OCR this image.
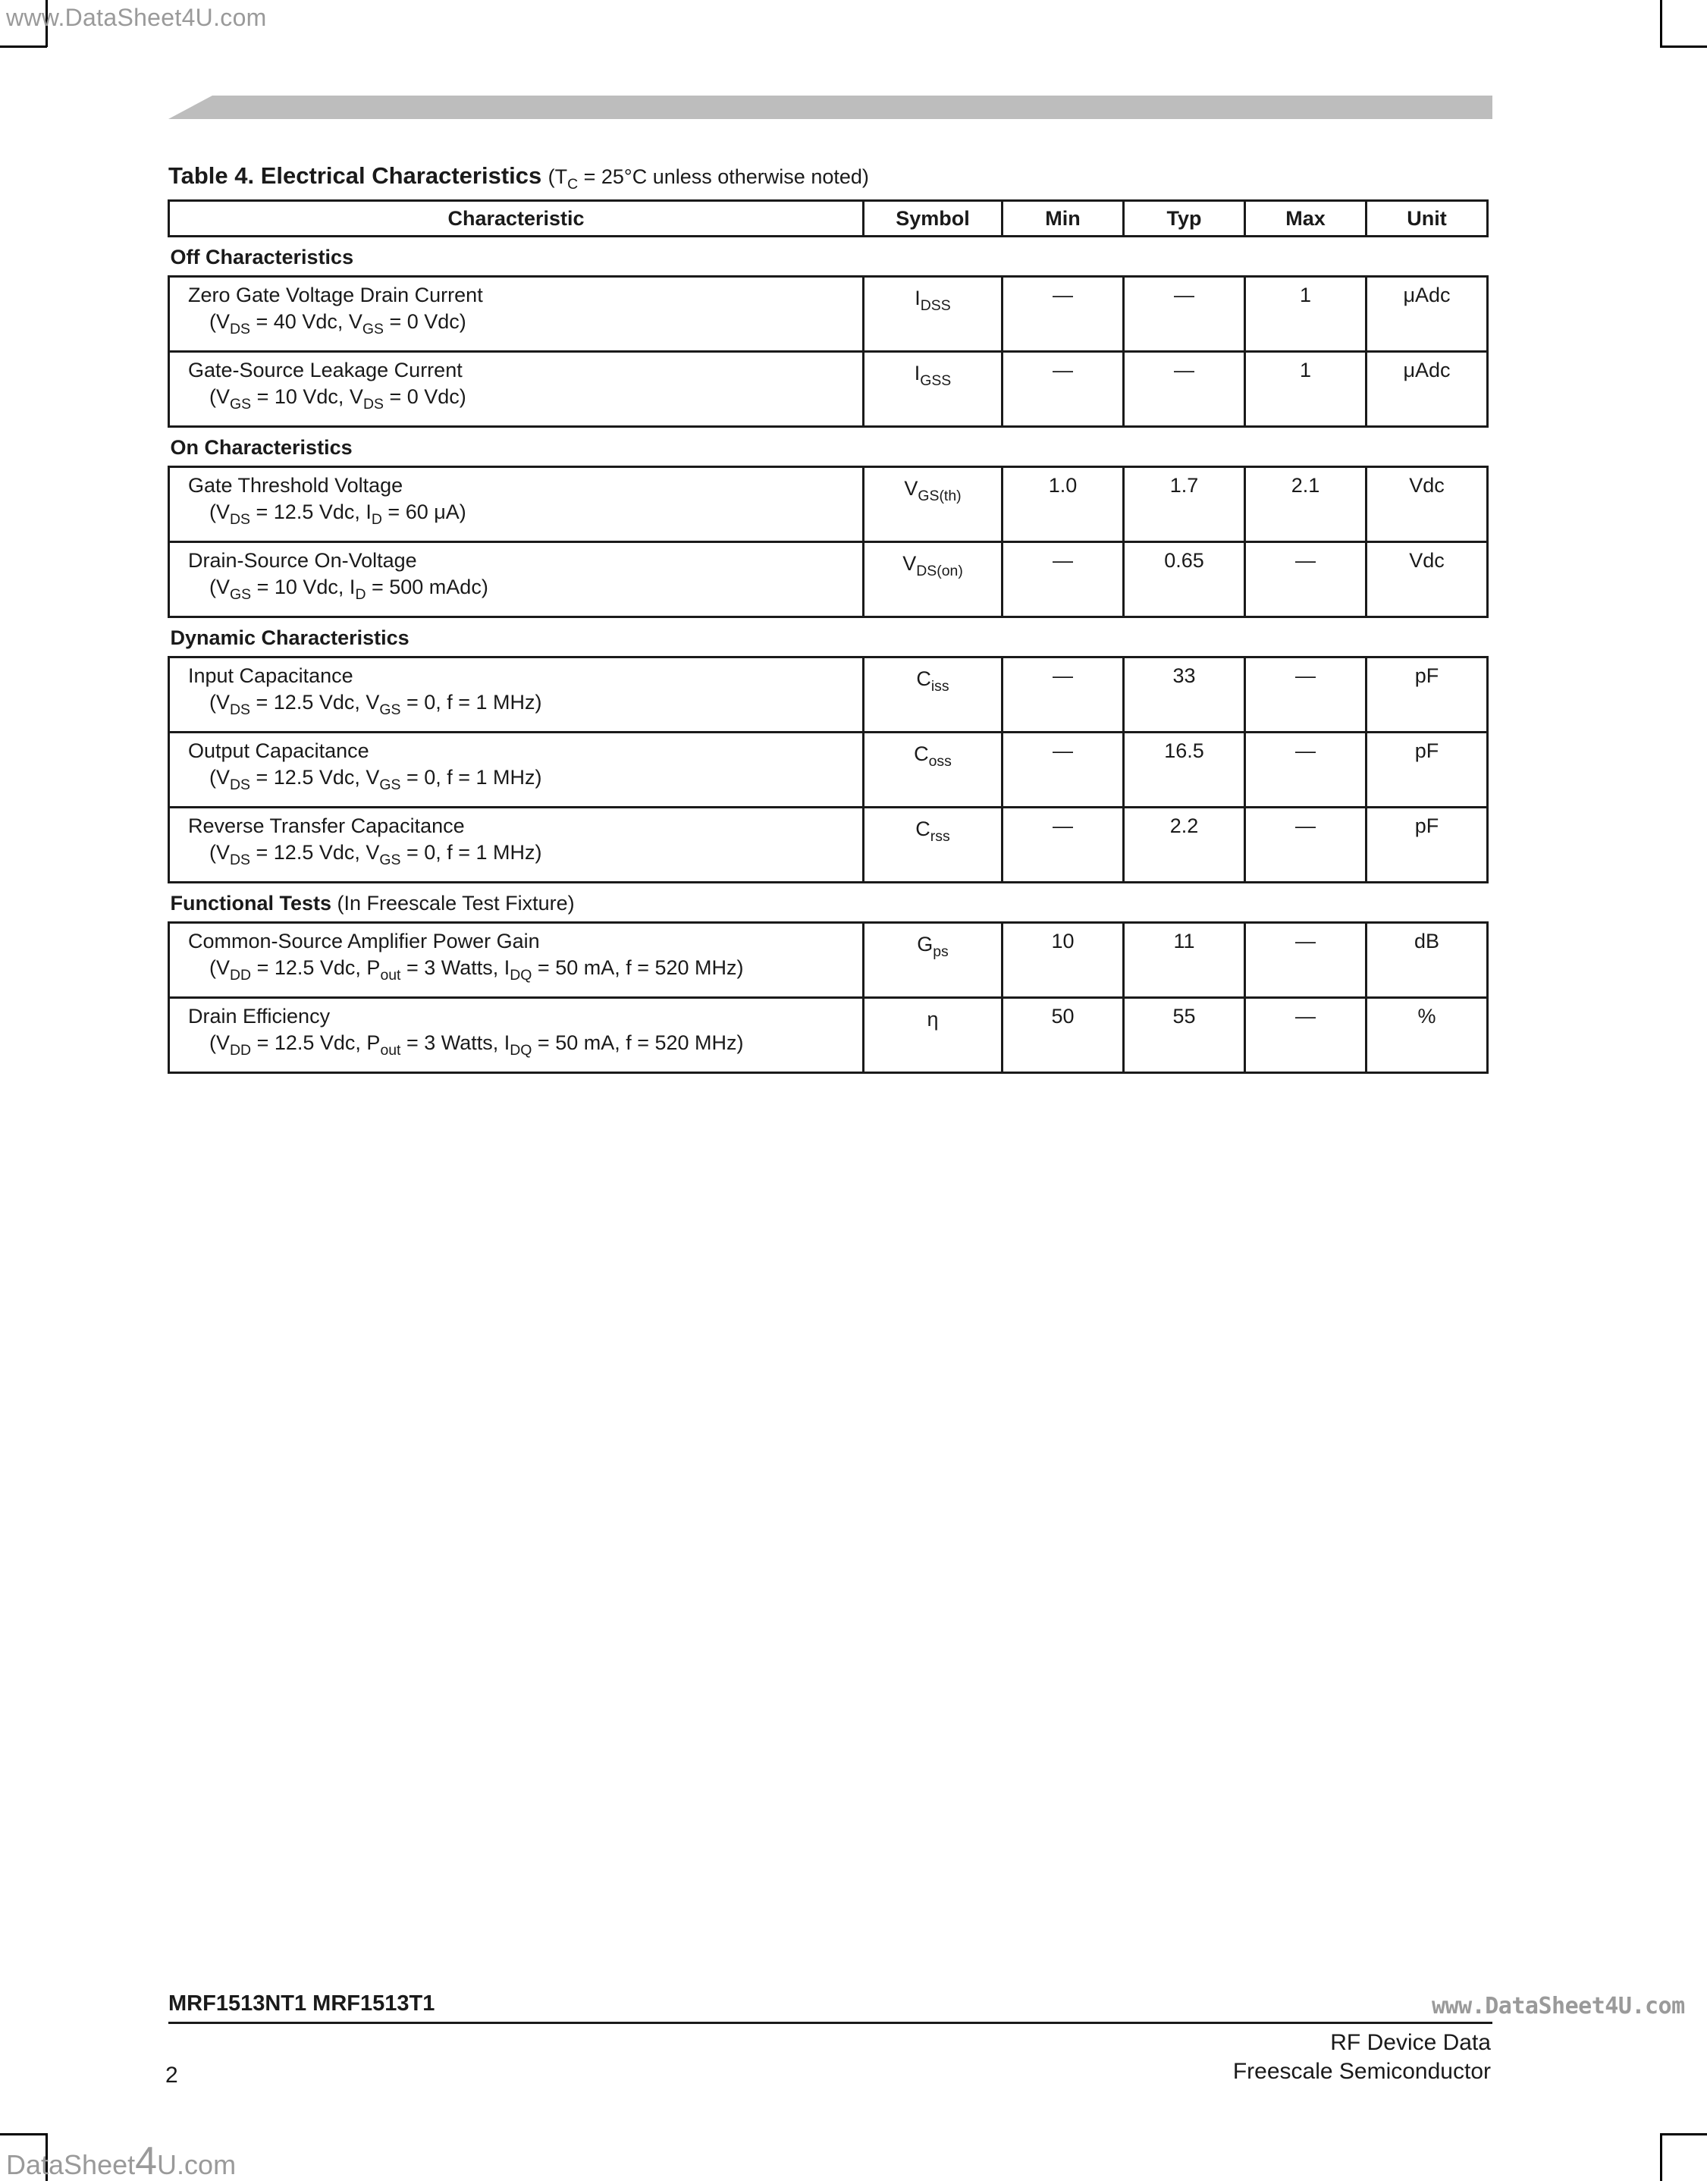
www.DataSheet4U.com
www.DataSheet4U.com
DataSheet4U.com
Table 4. Electrical Characteristics ($T_C = 25^\circ C$ unless otherwise noted)
Characteristic	Symbol	Min	Typ	Max	Unit
Off Characteristics					
Zero Gate Voltage Drain Current
($V_{DS} = 40$ Vdc, $V_{GS} = 0$ Vdc)	$I_{DSS}$	—	—	1	μAdc
Gate-Source Leakage Current
($V_{GS} = 10$ Vdc, $V_{DS} = 0$ Vdc)	$I_{GSS}$	—	—	1	μAdc
On Characteristics					
Gate Threshold Voltage
($V_{DS} = 12.5$ Vdc, $I_D = 60$ μA)	$V_{GS(th)}$	1.0	1.7	2.1	Vdc
Drain-Source On-Voltage
($V_{GS} = 10$ Vdc, $I_D = 500$ mAdc)	$V_{DS(on)}$	—	0.65	—	Vdc
Dynamic Characteristics					
Input Capacitance
($V_{DS} = 12.5$ Vdc, $V_{GS} = 0$, f = 1 MHz)	$C_{iss}$	—	33	—	pF
Output Capacitance
($V_{DS} = 12.5$ Vdc, $V_{GS} = 0$, f = 1 MHz)	$C_{oss}$	—	16.5	—	pF
Reverse Transfer Capacitance
($V_{DS} = 12.5$ Vdc, $V_{GS} = 0$, f = 1 MHz)	$C_{rss}$	—	2.2	—	pF
Functional Tests (In Freescale Test Fixture)					
Common-Source Amplifier Power Gain
($V_{DD} = 12.5$ Vdc, $P_{out} = 3$ Watts, $I_{DQ} = 50$ mA, f = 520 MHz)	$G_{ps}$	10	11	—	dB
Drain Efficiency
($V_{DD} = 12.5$ Vdc, $P_{out} = 3$ Watts, $I_{DQ} = 50$ mA, f = 520 MHz)	η	50	55	—	%
MRF1513NT1 MRF1513T1
2
RF Device Data
Freescale Semiconductor
